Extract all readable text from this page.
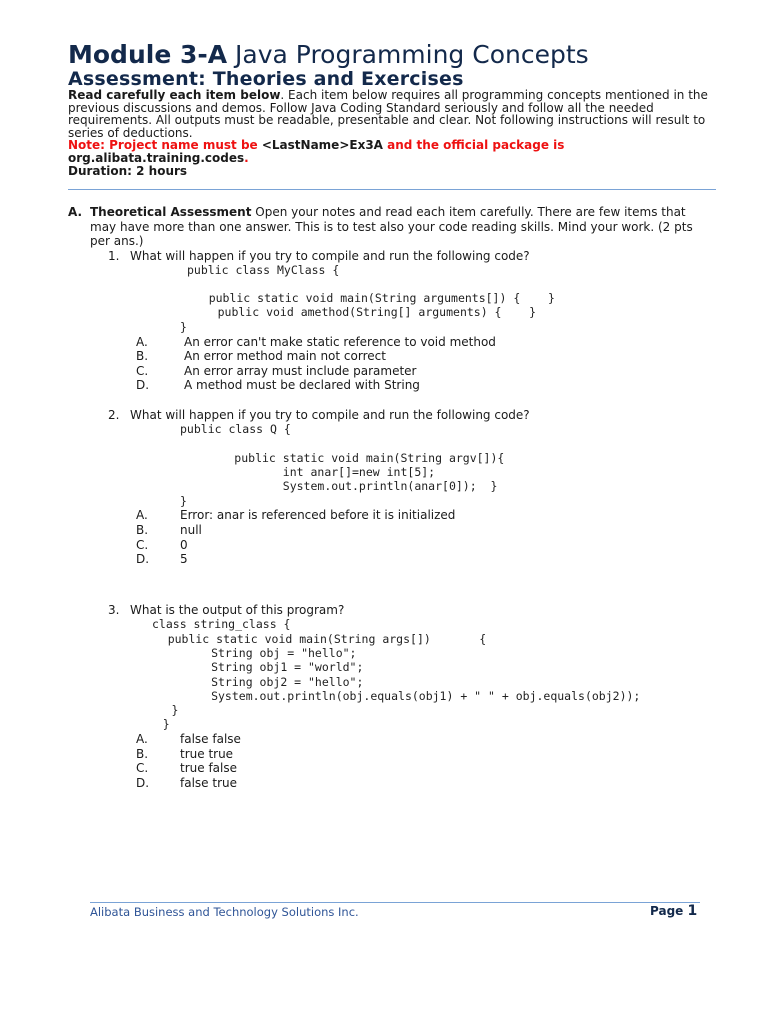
Module 3-A Java Programming Concepts
Assessment: Theories and Exercises
Read carefully each item below. Each item below requires all programming concepts mentioned in the previous discussions and demos. Follow Java Coding Standard seriously and follow all the needed requirements. All outputs must be readable, presentable and clear. Not following instructions will result to series of deductions.
Note: Project name must be <LastName>Ex3A and the official package is
org.alibata.training.codes.
Duration: 2 hours
A. Theoretical Assessment Open your notes and read each item carefully. There are few items that may have more than one answer. This is to test also your code reading skills. Mind your work. (2 pts per ans.)
1. What will happen if you try to compile and run the following code?
public class MyClass {
public static void main(String arguments[]) {    }
public void amethod(String[] arguments) {    }
}
A.	An error can't make static reference to void method
B.	An error method main not correct
C.	An error array must include parameter
D.	A method must be declared with String
2. What will happen if you try to compile and run the following code?
public class Q {
public static void main(String argv[]){
int anar[]=new int[5];
System.out.println(anar[0]);  }
}
A.	Error: anar is referenced before it is initialized
B.	null
C.	0
D.	5
3. What is the output of this program?
class string_class {
public static void main(String args[])       {
String obj = "hello";
String obj1 = "world";
String obj2 = "hello";
System.out.println(obj.equals(obj1) + " " + obj.equals(obj2));
}
}
A.	false false
B.	true true
C.	true false
D.	false true
Alibata Business and Technology Solutions Inc.	Page 1
